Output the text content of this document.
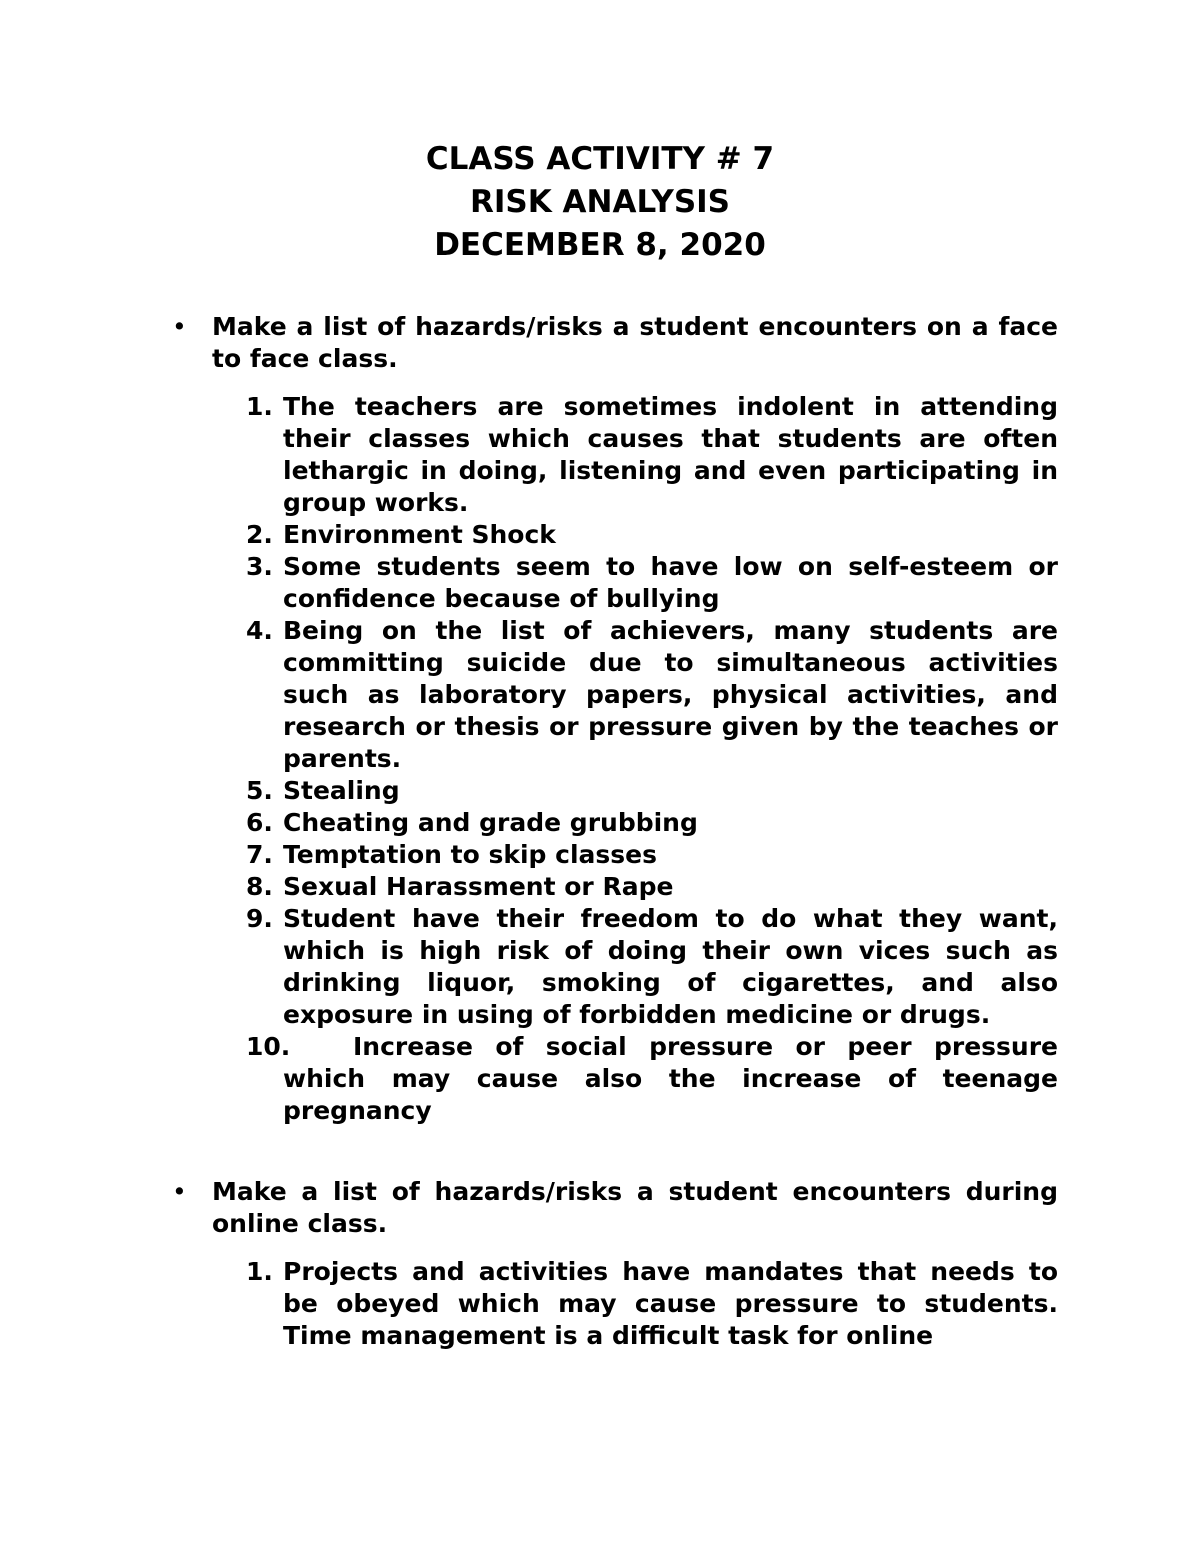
CLASS ACTIVITY # 7
RISK ANALYSIS
DECEMBER 8, 2020
• Make a list of hazards/risks a student encounters on a face to face class.
1. The teachers are sometimes indolent in attending their classes which causes that students are often lethargic in doing, listening and even participating in group works.
2. Environment Shock
3. Some students seem to have low on self-esteem or confidence because of bullying
4. Being on the list of achievers, many students are committing suicide due to simultaneous activities such as laboratory papers, physical activities, and research or thesis or pressure given by the teaches or parents.
5. Stealing
6. Cheating and grade grubbing
7. Temptation to skip classes
8. Sexual Harassment or Rape
9. Student have their freedom to do what they want, which is high risk of doing their own vices such as drinking liquor, smoking of cigarettes, and also exposure in using of forbidden medicine or drugs.
10.	Increase of social pressure or peer pressure which may cause also the increase of teenage pregnancy
• Make a list of hazards/risks a student encounters during online class.
1. Projects and activities have mandates that needs to be obeyed which may cause pressure to students. Time management is a difficult task for online
